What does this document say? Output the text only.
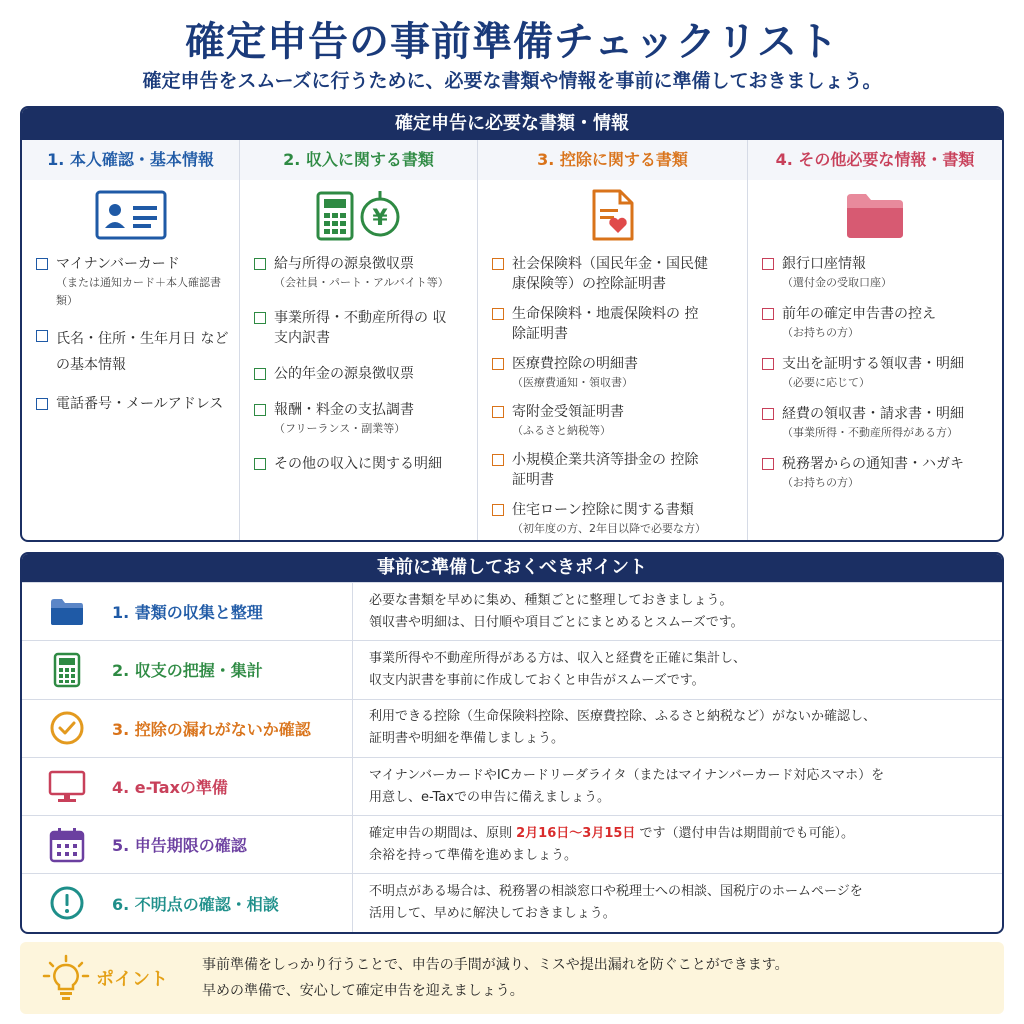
確定申告の事前準備チェックリスト
確定申告をスムーズに行うために、必要な書類や情報を事前に準備しておきましょう。
確定申告に必要な書類・情報
1. 本人確認・基本情報
マイナンバーカード
（または通知カード＋本人確認書類）
氏名・住所・生年月日 などの基本情報
電話番号・メールアドレス
2. 収入に関する書類
¥
給与所得の源泉徴収票
（会社員・パート・アルバイト等）
事業所得・不動産所得の 収支内訳書
公的年金の源泉徴収票
報酬・料金の支払調書
（フリーランス・副業等）
その他の収入に関する明細
3. 控除に関する書類
社会保険料（国民年金・国民健康保険等）の控除証明書
生命保険料・地震保険料の 控除証明書
医療費控除の明細書
（医療費通知・領収書）
寄附金受領証明書
（ふるさと納税等）
小規模企業共済等掛金の 控除証明書
住宅ローン控除に関する書類
（初年度の方、2年目以降で必要な方）
4. その他必要な情報・書類
銀行口座情報
（還付金の受取口座）
前年の確定申告書の控え
（お持ちの方）
支出を証明する領収書・明細
（必要に応じて）
経費の領収書・請求書・明細
（事業所得・不動産所得がある方）
税務署からの通知書・ハガキ
（お持ちの方）
事前に準備しておくべきポイント
1. 書類の収集と整理
必要な書類を早めに集め、種類ごとに整理しておきましょう。
領収書や明細は、日付順や項目ごとにまとめるとスムーズです。
2. 収支の把握・集計
事業所得や不動産所得がある方は、収入と経費を正確に集計し、
収支内訳書を事前に作成しておくと申告がスムーズです。
3. 控除の漏れがないか確認
利用できる控除（生命保険料控除、医療費控除、ふるさと納税など）がないか確認し、
証明書や明細を準備しましょう。
4. e-Taxの準備
マイナンバーカードやICカードリーダライタ（またはマイナンバーカード対応スマホ）を
用意し、e-Taxでの申告に備えましょう。
5. 申告期限の確認
確定申告の期間は、原則 2月16日〜3月15日 です（還付申告は期間前でも可能）。
余裕を持って準備を進めましょう。
6. 不明点の確認・相談
不明点がある場合は、税務署の相談窓口や税理士への相談、国税庁のホームページを
活用して、早めに解決しておきましょう。
ポイント
事前準備をしっかり行うことで、申告の手間が減り、ミスや提出漏れを防ぐことができます。
早めの準備で、安心して確定申告を迎えましょう。
